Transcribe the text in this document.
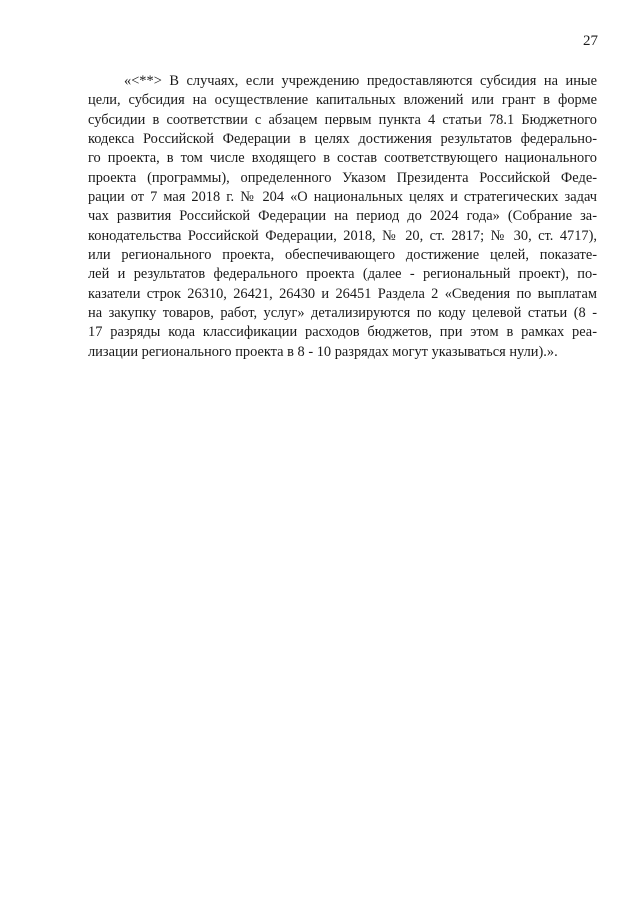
27
«<**> В случаях, если учреждению предоставляются субсидия на иные
цели, субсидия на осуществление капитальных вложений или грант в форме
субсидии в соответствии с абзацем первым пункта 4 статьи 78.1 Бюджетного
кодекса Российской Федерации в целях достижения результатов федерально-
го проекта, в том числе входящего в состав соответствующего национального
проекта (программы), определенного Указом Президента Российской Феде-
рации от 7 мая 2018 г. № 204 «О национальных целях и стратегических задач
чах развития Российской Федерации на период до 2024 года» (Собрание за-
конодательства Российской Федерации, 2018, № 20, ст. 2817; № 30, ст. 4717),
или регионального проекта, обеспечивающего достижение целей, показате-
лей и результатов федерального проекта (далее - региональный проект), по-
казатели строк 26310, 26421, 26430 и 26451 Раздела 2 «Сведения по выплатам
на закупку товаров, работ, услуг» детализируются по коду целевой статьи (8 -
17 разряды кода классификации расходов бюджетов, при этом в рамках реа-
лизации регионального проекта в 8 - 10 разрядах могут указываться нули).».
